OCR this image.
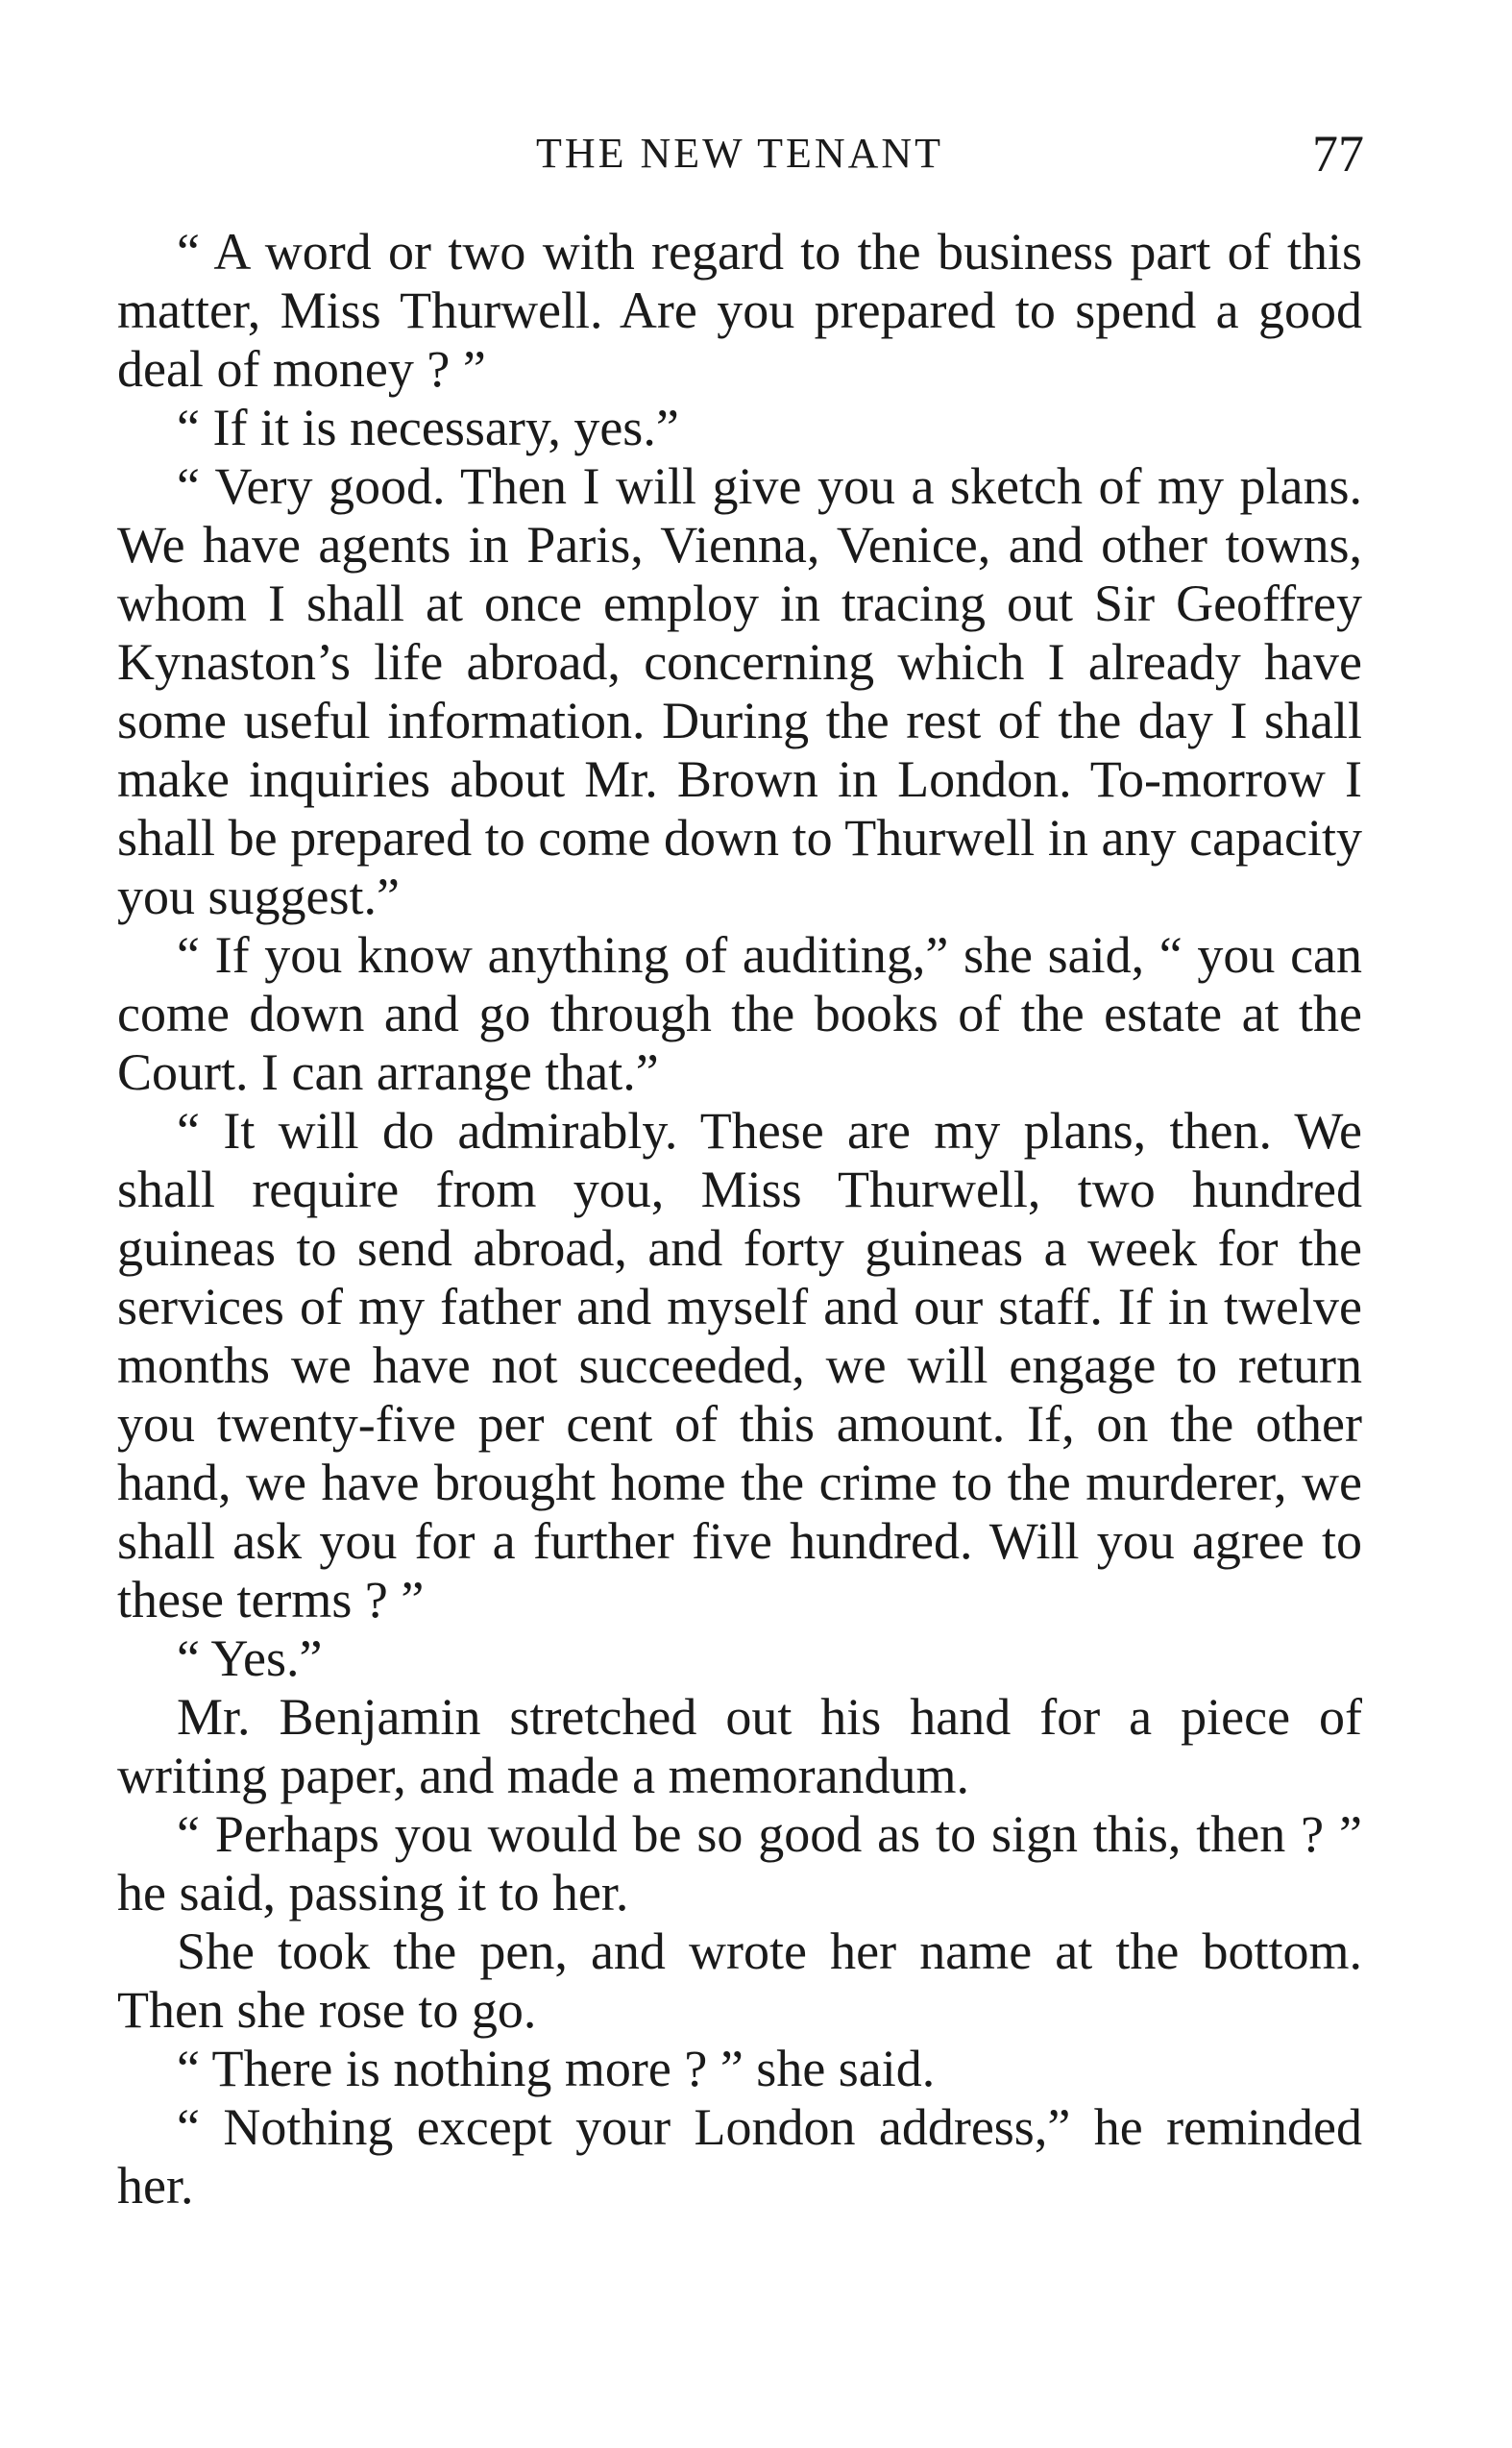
THE NEW TENANT	77

“ A word or two with regard to the business part of this matter, Miss Thurwell. Are you prepared to spend a good deal of money ? ”

“ If it is necessary, yes.”

“ Very good. Then I will give you a sketch of my plans. We have agents in Paris, Vienna, Venice, and other towns, whom I shall at once employ in tracing out Sir Geoffrey Kynaston’s life abroad, concerning which I already have some useful information. During the rest of the day I shall make inquiries about Mr. Brown in London. To-morrow I shall be prepared to come down to Thurwell in any capacity you suggest.”

“ If you know anything of auditing,” she said, “ you can come down and go through the books of the estate at the Court. I can arrange that.”

“ It will do admirably. These are my plans, then. We shall require from you, Miss Thurwell, two hundred guineas to send abroad, and forty guineas a week for the services of my father and myself and our staff. If in twelve months we have not succeeded, we will engage to return you twenty-five per cent of this amount. If, on the other hand, we have brought home the crime to the murderer, we shall ask you for a further five hundred. Will you agree to these terms ? ”

“ Yes.”

Mr. Benjamin stretched out his hand for a piece of writing paper, and made a memorandum.

“ Perhaps you would be so good as to sign this, then ? ” he said, passing it to her.

She took the pen, and wrote her name at the bottom. Then she rose to go.

“ There is nothing more ? ” she said.

“ Nothing except your London address,” he reminded her.
